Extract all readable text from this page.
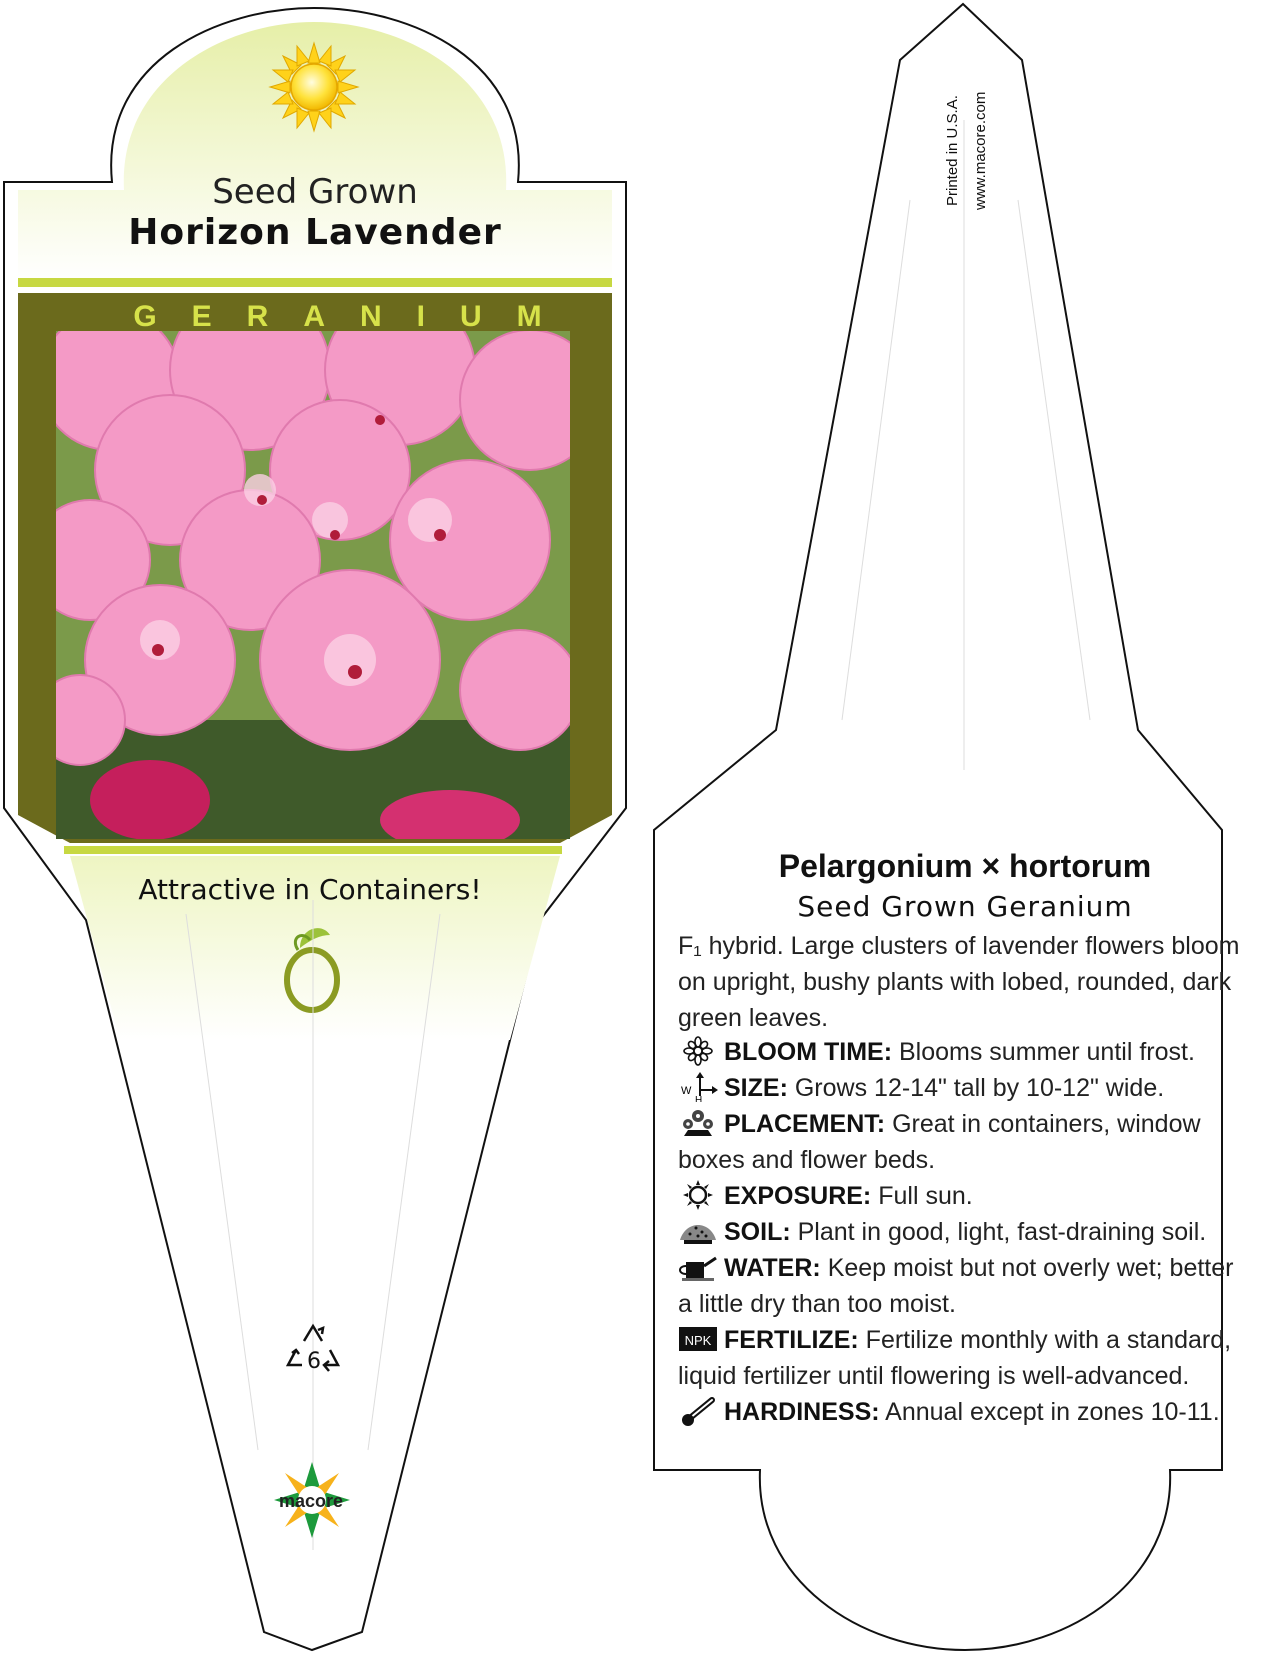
Seed Grown
Horizon Lavender
GERANIUM
Attractive in Containers!
6
macore
Printed in U.S.A. www.macore.com
Pelargonium × hortorum
Seed Grown Geranium
F₁ hybrid. Large clusters of lavender flowers bloom on upright, bushy plants with lobed, rounded, dark green leaves.
BLOOM TIME: Blooms summer until frost.
W
H SIZE: Grows 12-14" tall by 10-12" wide.
PLACEMENT: Great in containers, window boxes and flower beds.
EXPOSURE: Full sun.
SOIL: Plant in good, light, fast-draining soil.
WATER: Keep moist but not overly wet; better a little dry than too moist.
NPK FERTILIZE: Fertilize monthly with a standard, liquid fertilizer until flowering is well-advanced.
HARDINESS: Annual except in zones 10-11.
